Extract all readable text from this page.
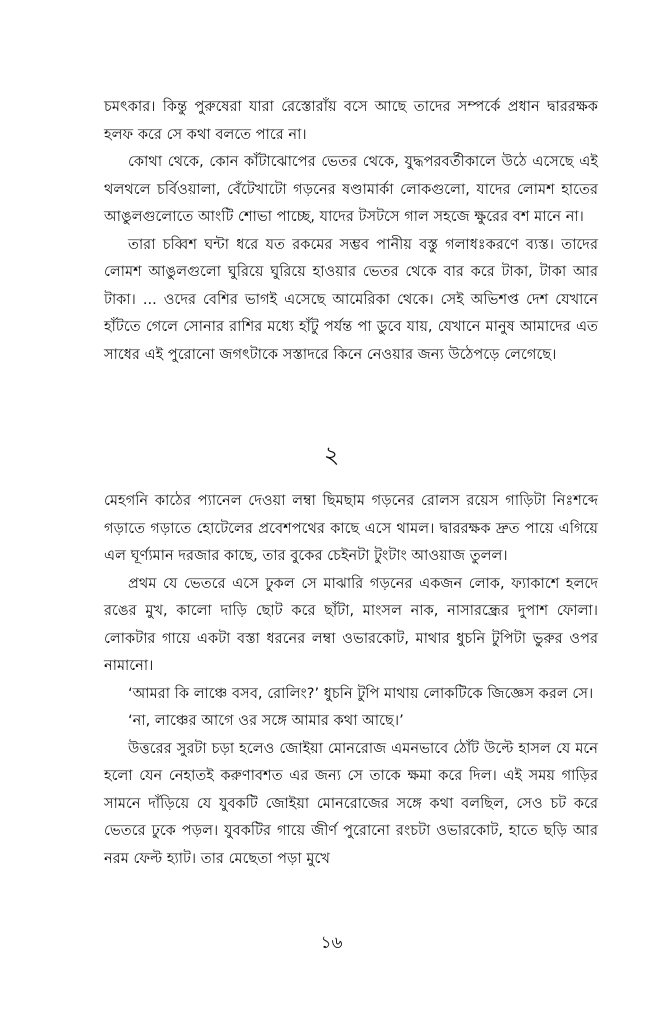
চমৎকার। কিন্তু পুরুষেরা যারা রেস্তোরাঁয় বসে আছে তাদের সম্পর্কে প্রধান দ্বাররক্ষক হলফ করে সে কথা বলতে পারে না।

কোথা থেকে, কোন কাঁটাঝোপের ভেতর থেকে, যুদ্ধপরবর্তীকালে উঠে এসেছে এই থলথলে চর্বিওয়ালা, বেঁটেখাটো গড়নের ষণ্ডামার্কা লোকগুলো, যাদের লোমশ হাতের আঙুলগুলোতে আংটি শোভা পাচ্ছে, যাদের টসটসে গাল সহজে ক্ষুরের বশ মানে না।

তারা চব্বিশ ঘন্টা ধরে যত রকমের সম্ভব পানীয় বস্তু গলাধঃকরণে ব্যস্ত। তাদের লোমশ আঙুলগুলো ঘুরিয়ে ঘুরিয়ে হাওয়ার ভেতর থেকে বার করে টাকা, টাকা আর টাকা। ... ওদের বেশির ভাগই এসেছে আমেরিকা থেকে। সেই অভিশপ্ত দেশ যেখানে হাঁটতে গেলে সোনার রাশির মধ্যে হাঁটু পর্যন্ত পা ডুবে যায়, যেখানে মানুষ আমাদের এত সাধের এই পুরোনো জগৎটাকে সস্তাদরে কিনে নেওয়ার জন্য উঠেপড়ে লেগেছে।

২

মেহগনি কাঠের প্যানেল দেওয়া লম্বা ছিমছাম গড়নের রোলস রয়েস গাড়িটা নিঃশব্দে গড়াতে গড়াতে হোটেলের প্রবেশপথের কাছে এসে থামল। দ্বাররক্ষক দ্রুত পায়ে এগিয়ে এল ঘূর্ণ্যমান দরজার কাছে, তার বুকের চেইনটা টুংটাং আওয়াজ তুলল।

প্রথম যে ভেতরে এসে ঢুকল সে মাঝারি গড়নের একজন লোক, ফ্যাকাশে হলদে রঙের মুখ, কালো দাড়ি ছোট করে ছাঁটা, মাংসল নাক, নাসারন্ধ্রের দুপাশ ফোলা। লোকটার গায়ে একটা বস্তা ধরনের লম্বা ওভারকোট, মাথার ধুচনি টুপিটা ভুরুর ওপর নামানো।

‘আমরা কি লাঞ্চে বসব, রোলিং?’ ধুচনি টুপি মাথায় লোকটিকে জিজ্ঞেস করল সে।

‘না, লাঞ্চের আগে ওর সঙ্গে আমার কথা আছে।’

উত্তরের সুরটা চড়া হলেও জোইয়া মোনরোজ এমনভাবে ঠোঁট উল্টে হাসল যে মনে হলো যেন নেহাতই করুণাবশত এর জন্য সে তাকে ক্ষমা করে দিল। এই সময় গাড়ির সামনে দাঁড়িয়ে যে যুবকটি জোইয়া মোনরোজের সঙ্গে কথা বলছিল, সেও চট করে ভেতরে ঢুকে পড়ল। যুবকটির গায়ে জীর্ণ পুরোনো রংচটা ওভারকোট, হাতে ছড়ি আর নরম ফেল্ট হ্যাট। তার মেছেতা পড়া মুখে

১৬
